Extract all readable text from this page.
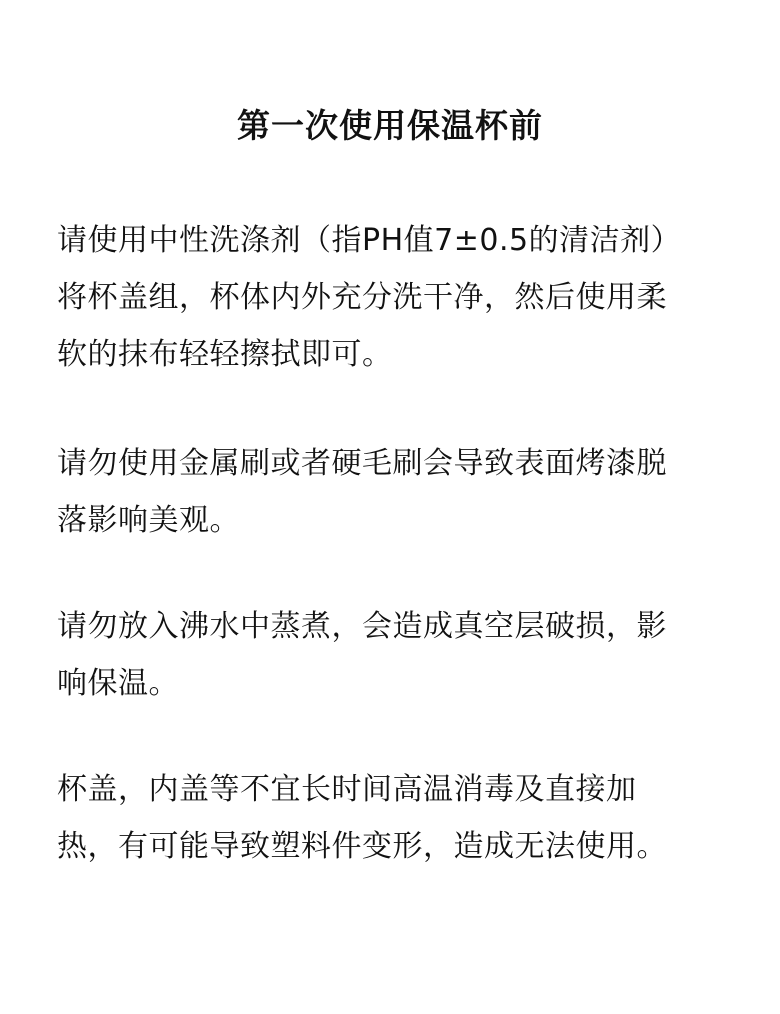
第一次使用保温杯前
请使用中性洗涤剂（指PH值7±0.5的清洁剂）
将杯盖组，杯体内外充分洗干净，然后使用柔
软的抹布轻轻擦拭即可。
请勿使用金属刷或者硬毛刷会导致表面烤漆脱
落影响美观。
请勿放入沸水中蒸煮，会造成真空层破损，影
响保温。
杯盖，内盖等不宜长时间高温消毒及直接加
热，有可能导致塑料件变形，造成无法使用。
